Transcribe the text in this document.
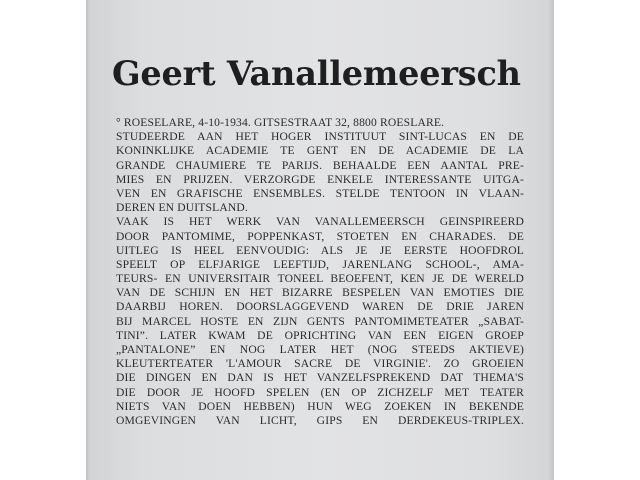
Geert Vanallemeersch
° ROESELARE, 4-10-1934. GITSESTRAAT 32, 8800 ROESLARE.
STUDEERDE AAN HET HOGER INSTITUUT SINT-LUCAS EN DE
KONINKLIJKE ACADEMIE TE GENT EN DE ACADEMIE DE LA
GRANDE CHAUMIERE TE PARIJS. BEHAALDE EEN AANTAL PRE-
MIES EN PRIJZEN. VERZORGDE ENKELE INTERESSANTE UITGA-
VEN EN GRAFISCHE ENSEMBLES. STELDE TENTOON IN VLAAN-
DEREN EN DUITSLAND.
VAAK IS HET WERK VAN VANALLEMEERSCH GEINSPIREERD
DOOR PANTOMIME, POPPENKAST, STOETEN EN CHARADES. DE
UITLEG IS HEEL EENVOUDIG: ALS JE JE EERSTE HOOFDROL
SPEELT OP ELFJARIGE LEEFTIJD, JARENLANG SCHOOL-, AMA-
TEURS- EN UNIVERSITAIR TONEEL BEOEFENT, KEN JE DE WERELD
VAN DE SCHIJN EN HET BIZARRE BESPELEN VAN EMOTIES DIE
DAARBIJ HOREN. DOORSLAGGEVEND WAREN DE DRIE JAREN
BIJ MARCEL HOSTE EN ZIJN GENTS PANTOMIMETEATER „SABAT-
TINI”. LATER KWAM DE OPRICHTING VAN EEN EIGEN GROEP
„PANTALONE” EN NOG LATER HET (NOG STEEDS AKTIEVE)
KLEUTERTEATER 'L'AMOUR SACRE DE VIRGINIE'. ZO GROEIEN
DIE DINGEN EN DAN IS HET VANZELFSPREKEND DAT THEMA'S
DIE DOOR JE HOOFD SPELEN (EN OP ZICHZELF MET TEATER
NIETS VAN DOEN HEBBEN) HUN WEG ZOEKEN IN BEKENDE
OMGEVINGEN VAN LICHT, GIPS EN DERDEKEUS-TRIPLEX.
